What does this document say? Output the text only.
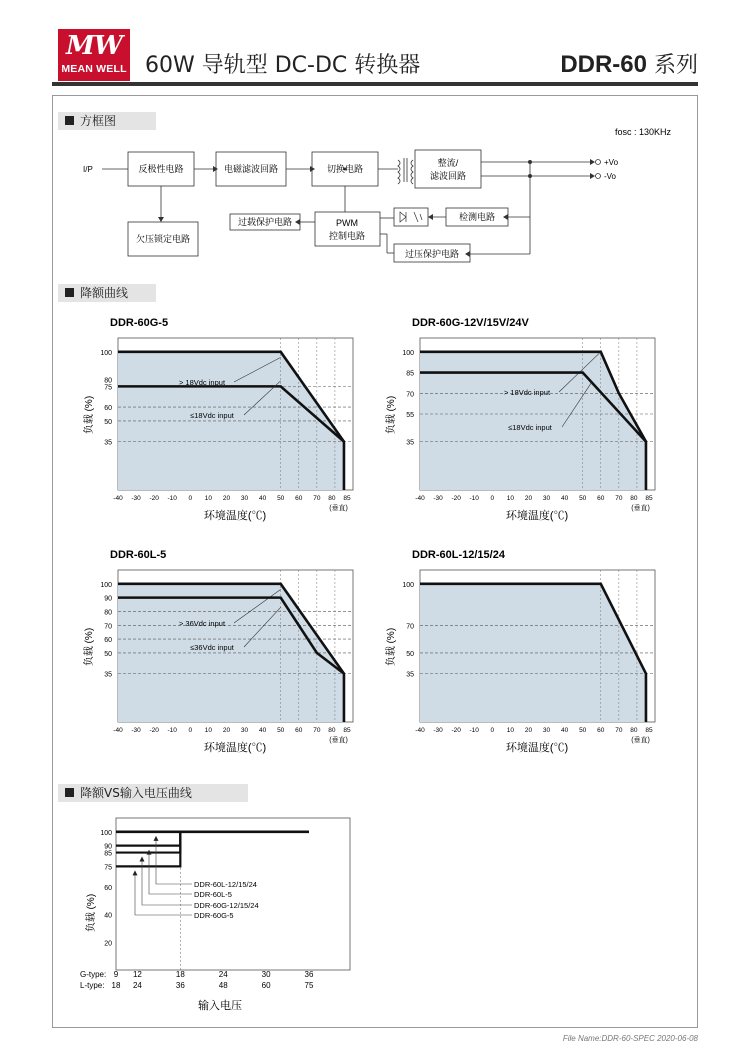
MW
MEAN WELL 60W 导轨型 DC-DC 转换器	DDR-60 系列
方框图
fosc : 130KHz
I/P	反极性电路	电磁滤波回路	切换电路
整流/
滤波回路
欠压锁定电路
过载保护电路	PWM
控制电路
检测电路
过压保护电路
+Vo
-Vo
降额曲线
DDR-60G-5
> 18Vdc input
≤18Vdc input
100
80
75
60
50
35
-40 -30 -20 -10 0 10 20 30 40 50 60 70 80 85
(垂直)
环境温度(℃)
负载 (%)
DDR-60G-12V/15V/24V
> 18Vdc input
≤18Vdc input
100
85
70
55
35
-40 -30 -20 -10 0 10 20 30 40 50 60 70 80 85
(垂直)
环境温度(℃)
负载 (%)
DDR-60L-5
> 36Vdc input
≤36Vdc input
100
90
80
70
60
50
35
-40 -30 -20 -10 0 10 20 30 40 50 60 70 80 85
(垂直)
环境温度(℃)
负载 (%)
DDR-60L-12/15/24
100
70
50
35
-40 -30 -20 -10 0 10 20 30 40 50 60 70 80 85
(垂直)
环境温度(℃)
负载 (%)
降额VS输入电压曲线
DDR-60L-12/15/24
DDR-60L-5
DDR-60G-12/15/24
DDR-60G-5
100
90
85
75
60
40
20
G-type:
L-type:
9 12	18	24	30	36
18 24	36	48	60	75
输入电压
负载 (%)
File Name:DDR-60-SPEC 2020-06-08
